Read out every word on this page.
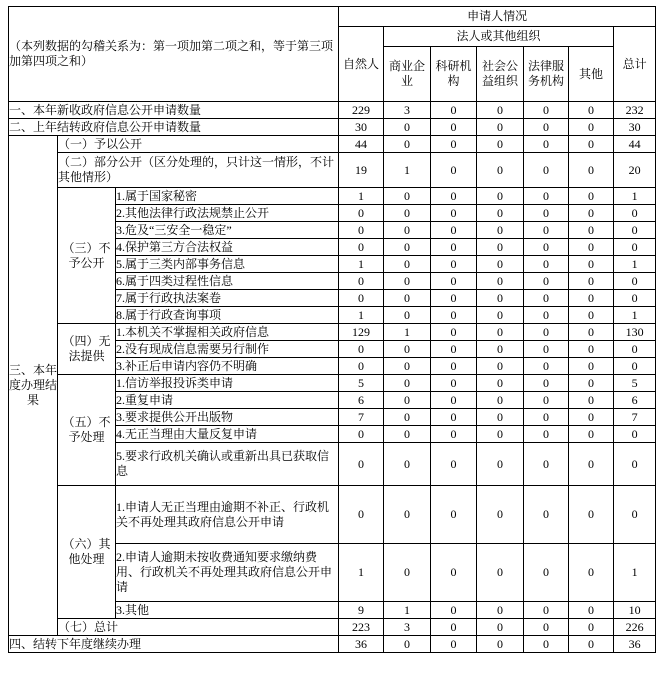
（本列数据的勾稽关系为：第一项加第二项之和，等于第三项加第四项之和）			申请人情况						
			自然人	法人或其他组织					总计
				商业企业	科研机构	社会公益组织	法律服务机构	其他	
一、本年新收政府信息公开申请数量			229	3	0	0	0	0	232
二、上年结转政府信息公开申请数量			30	0	0	0	0	0	30
三、本年度办理结果	（一）予以公开		44	0	0	0	0	0	44
	（二）部分公开（区分处理的，只计这一情形，不计其他情形）		19	1	0	0	0	0	20
	（三）不予公开	1.属于国家秘密	1	0	0	0	0	0	1
		2.其他法律行政法规禁止公开	0	0	0	0	0	0	0
		3.危及“三安全一稳定”	0	0	0	0	0	0	0
		4.保护第三方合法权益	0	0	0	0	0	0	0
		5.属于三类内部事务信息	1	0	0	0	0	0	1
		6.属于四类过程性信息	0	0	0	0	0	0	0
		7.属于行政执法案卷	0	0	0	0	0	0	0
		8.属于行政查询事项	1	0	0	0	0	0	1
	（四）无法提供	1.本机关不掌握相关政府信息	129	1	0	0	0	0	130
		2.没有现成信息需要另行制作	0	0	0	0	0	0	0
		3.补正后申请内容仍不明确	0	0	0	0	0	0	0
	（五）不予处理	1.信访举报投诉类申请	5	0	0	0	0	0	5
		2.重复申请	6	0	0	0	0	0	6
		3.要求提供公开出版物	7	0	0	0	0	0	7
		4.无正当理由大量反复申请	0	0	0	0	0	0	0
		5.要求行政机关确认或重新出具已获取信息	0	0	0	0	0	0	0
	（六）其他处理	1.申请人无正当理由逾期不补正、行政机关不再处理其政府信息公开申请	0	0	0	0	0	0	0
		2.申请人逾期未按收费通知要求缴纳费用、行政机关不再处理其政府信息公开申请	1	0	0	0	0	0	1
		3.其他	9	1	0	0	0	0	10
	（七）总计		223	3	0	0	0	0	226
四、结转下年度继续办理			36	0	0	0	0	0	36
